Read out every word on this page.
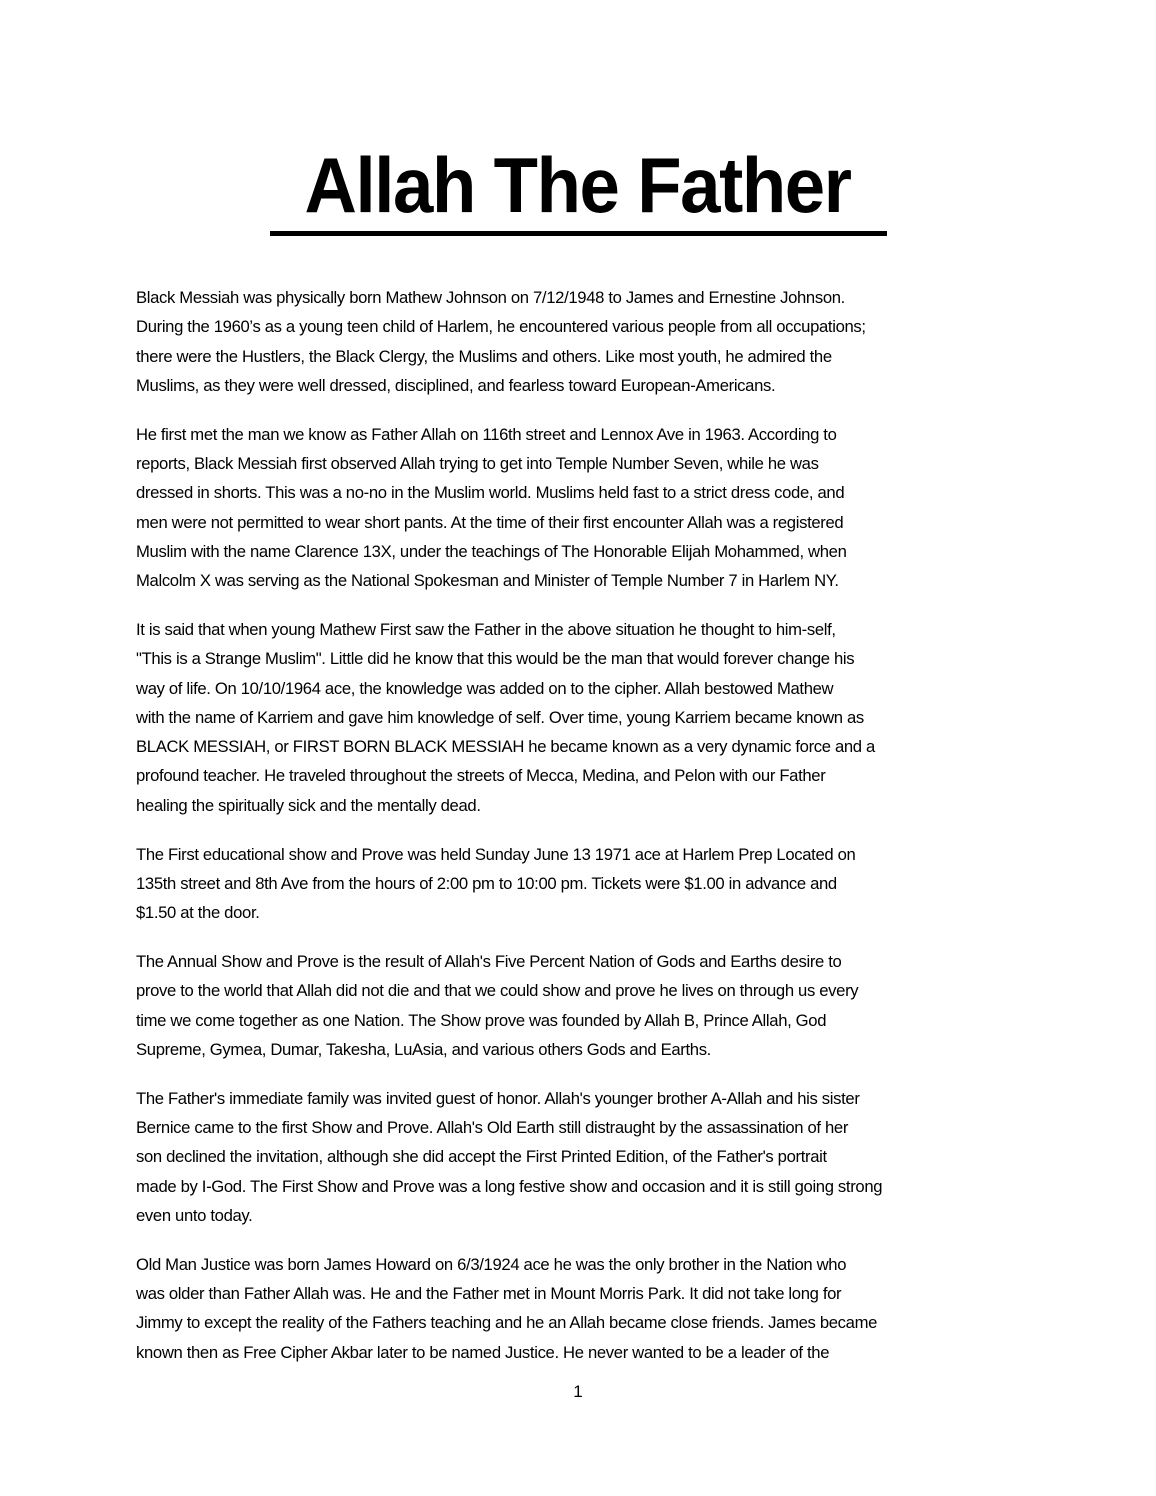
Allah The Father
Black Messiah was physically born Mathew Johnson on 7/12/1948 to James and Ernestine Johnson.
During the 1960’s as a young teen child of Harlem, he encountered various people from all occupations;
there were the Hustlers, the Black Clergy, the Muslims and others. Like most youth, he admired the
Muslims, as they were well dressed, disciplined, and fearless toward European-Americans.
He first met the man we know as Father Allah on 116th street and Lennox Ave in 1963. According to
reports, Black Messiah first observed Allah trying to get into Temple Number Seven, while he was
dressed in shorts. This was a no-no in the Muslim world. Muslims held fast to a strict dress code, and
men were not permitted to wear short pants. At the time of their first encounter Allah was a registered
Muslim with the name Clarence 13X, under the teachings of The Honorable Elijah Mohammed, when
Malcolm X was serving as the National Spokesman and Minister of Temple Number 7 in Harlem NY.
It is said that when young Mathew First saw the Father in the above situation he thought to him-self,
"This is a Strange Muslim". Little did he know that this would be the man that would forever change his
way of life. On 10/10/1964 ace, the knowledge was added on to the cipher. Allah bestowed Mathew
with the name of Karriem and gave him knowledge of self. Over time, young Karriem became known as
BLACK MESSIAH, or FIRST BORN BLACK MESSIAH he became known as a very dynamic force and a
profound teacher. He traveled throughout the streets of Mecca, Medina, and Pelon with our Father
healing the spiritually sick and the mentally dead.
The First educational show and Prove was held Sunday June 13 1971 ace at Harlem Prep Located on
135th street and 8th Ave from the hours of 2:00 pm to 10:00 pm. Tickets were $1.00 in advance and
$1.50 at the door.
The Annual Show and Prove is the result of Allah's Five Percent Nation of Gods and Earths desire to
prove to the world that Allah did not die and that we could show and prove he lives on through us every
time we come together as one Nation. The Show prove was founded by Allah B, Prince Allah, God
Supreme, Gymea, Dumar, Takesha, LuAsia, and various others Gods and Earths.
The Father's immediate family was invited guest of honor. Allah's younger brother A-Allah and his sister
Bernice came to the first Show and Prove. Allah's Old Earth still distraught by the assassination of her
son declined the invitation, although she did accept the First Printed Edition, of the Father's portrait
made by I-God. The First Show and Prove was a long festive show and occasion and it is still going strong
even unto today.
Old Man Justice was born James Howard on 6/3/1924 ace he was the only brother in the Nation who
was older than Father Allah was. He and the Father met in Mount Morris Park. It did not take long for
Jimmy to except the reality of the Fathers teaching and he an Allah became close friends. James became
known then as Free Cipher Akbar later to be named Justice. He never wanted to be a leader of the
1
